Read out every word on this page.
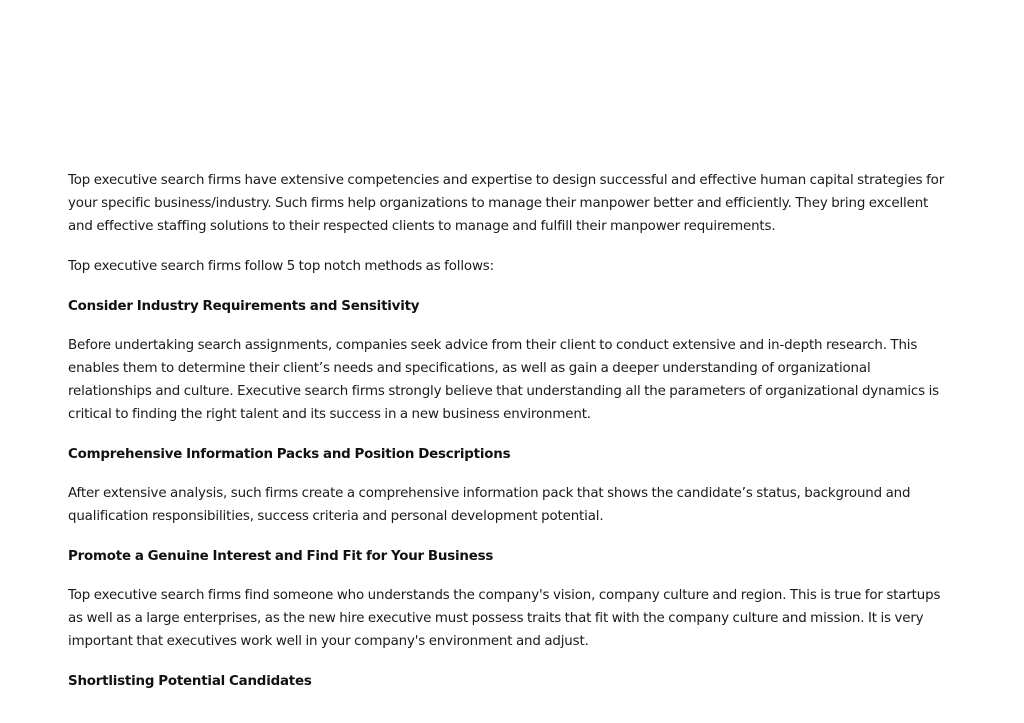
Top executive search firms have extensive competencies and expertise to design successful and effective human capital strategies for your specific business/industry. Such firms help organizations to manage their manpower better and efficiently. They bring excellent and effective staffing solutions to their respected clients to manage and fulfill their manpower requirements.

Top executive search firms follow 5 top notch methods as follows:

Consider Industry Requirements and Sensitivity

Before undertaking search assignments, companies seek advice from their client to conduct extensive and in-depth research. This enables them to determine their client’s needs and specifications, as well as gain a deeper understanding of organizational relationships and culture. Executive search firms strongly believe that understanding all the parameters of organizational dynamics is critical to finding the right talent and its success in a new business environment.

Comprehensive Information Packs and Position Descriptions

After extensive analysis, such firms create a comprehensive information pack that shows the candidate’s status, background and qualification responsibilities, success criteria and personal development potential.

Promote a Genuine Interest and Find Fit for Your Business

Top executive search firms find someone who understands the company's vision, company culture and region. This is true for startups as well as a large enterprises, as the new hire executive must possess traits that fit with the company culture and mission. It is very important that executives work well in your company's environment and adjust.

Shortlisting Potential Candidates
